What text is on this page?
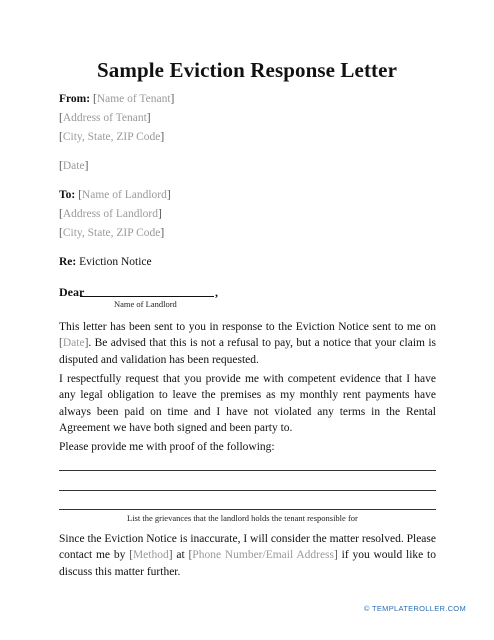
Sample Eviction Response Letter
From: [Name of Tenant]
[Address of Tenant]
[City, State, ZIP Code]
[Date]
To: [Name of Landlord]
[Address of Landlord]
[City, State, ZIP Code]
Re: Eviction Notice
Dear	,
Name of Landlord
This letter has been sent to you in response to the Eviction Notice sent to me on [Date]. Be advised that this is not a refusal to pay, but a notice that your claim is disputed and validation has been requested.
I respectfully request that you provide me with competent evidence that I have any legal obligation to leave the premises as my monthly rent payments have always been paid on time and I have not violated any terms in the Rental Agreement we have both signed and been party to.
Please provide me with proof of the following:
List the grievances that the landlord holds the tenant responsible for
Since the Eviction Notice is inaccurate, I will consider the matter resolved. Please contact me by [Method] at [Phone Number/Email Address] if you would like to discuss this matter further.
© TEMPLATEROLLER.COM
